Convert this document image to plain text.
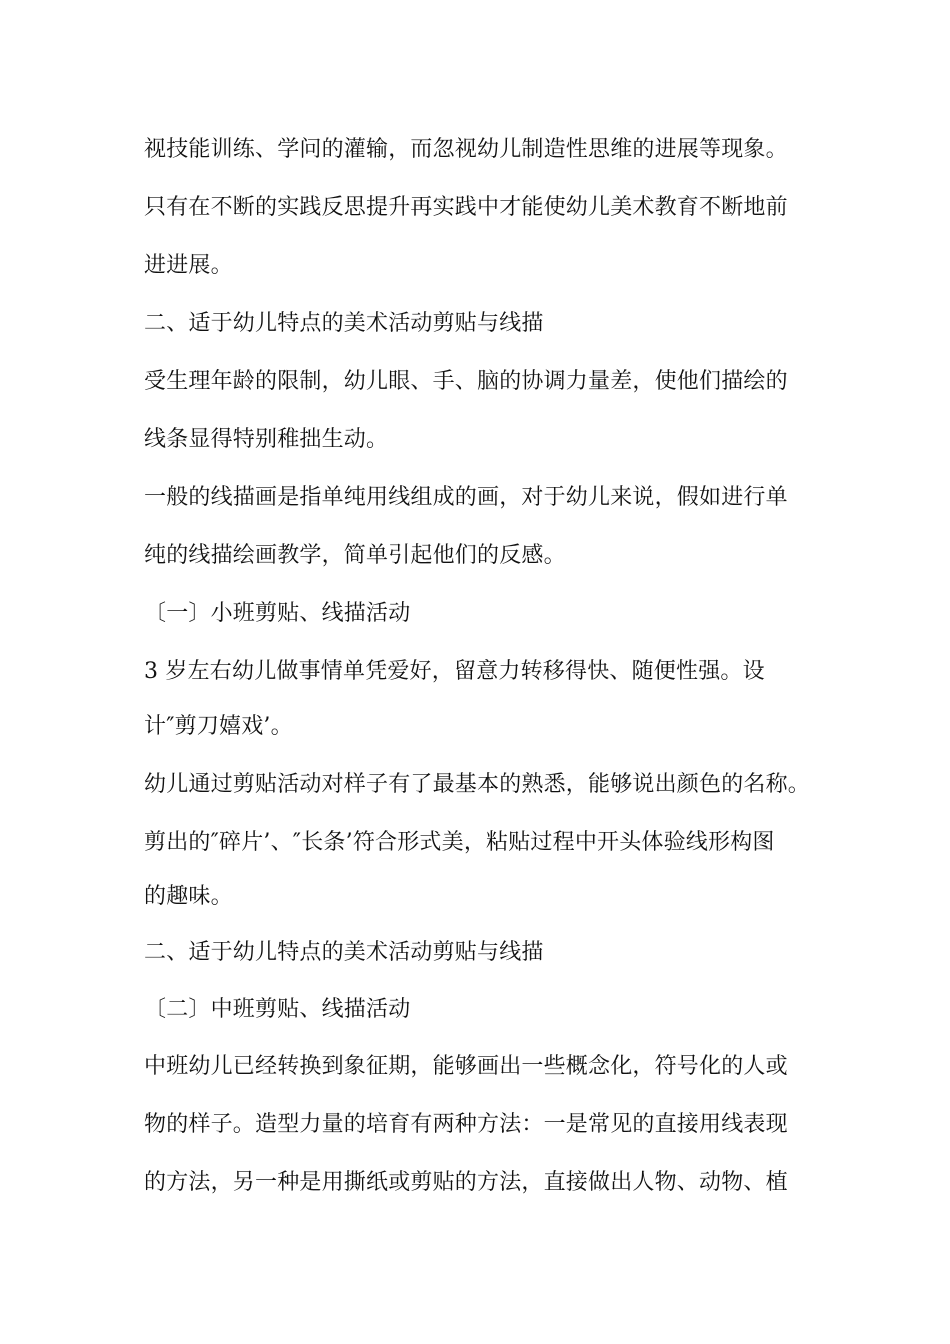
视技能训练、学问的灌输，而忽视幼儿制造性思维的进展等现象。
只有在不断的实践反思提升再实践中才能使幼儿美术教育不断地前
进进展。
二、适于幼儿特点的美术活动剪贴与线描
受生理年龄的限制，幼儿眼、手、脑的协调力量差，使他们描绘的
线条显得特别稚拙生动。
一般的线描画是指单纯用线组成的画，对于幼儿来说，假如进行单
纯的线描绘画教学，简单引起他们的反感。
〔一〕小班剪贴、线描活动
3 岁左右幼儿做事情单凭爱好，留意力转移得快、随便性强。设
计″剪刀嬉戏’。
幼儿通过剪贴活动对样子有了最基本的熟悉，能够说出颜色的名称。
剪出的″碎片’、″长条’符合形式美，粘贴过程中开头体验线形构图
的趣味。
二、适于幼儿特点的美术活动剪贴与线描
〔二〕中班剪贴、线描活动
中班幼儿已经转换到象征期，能够画出一些概念化，符号化的人或
物的样子。造型力量的培育有两种方法：一是常见的直接用线表现
的方法，另一种是用撕纸或剪贴的方法，直接做出人物、动物、植
